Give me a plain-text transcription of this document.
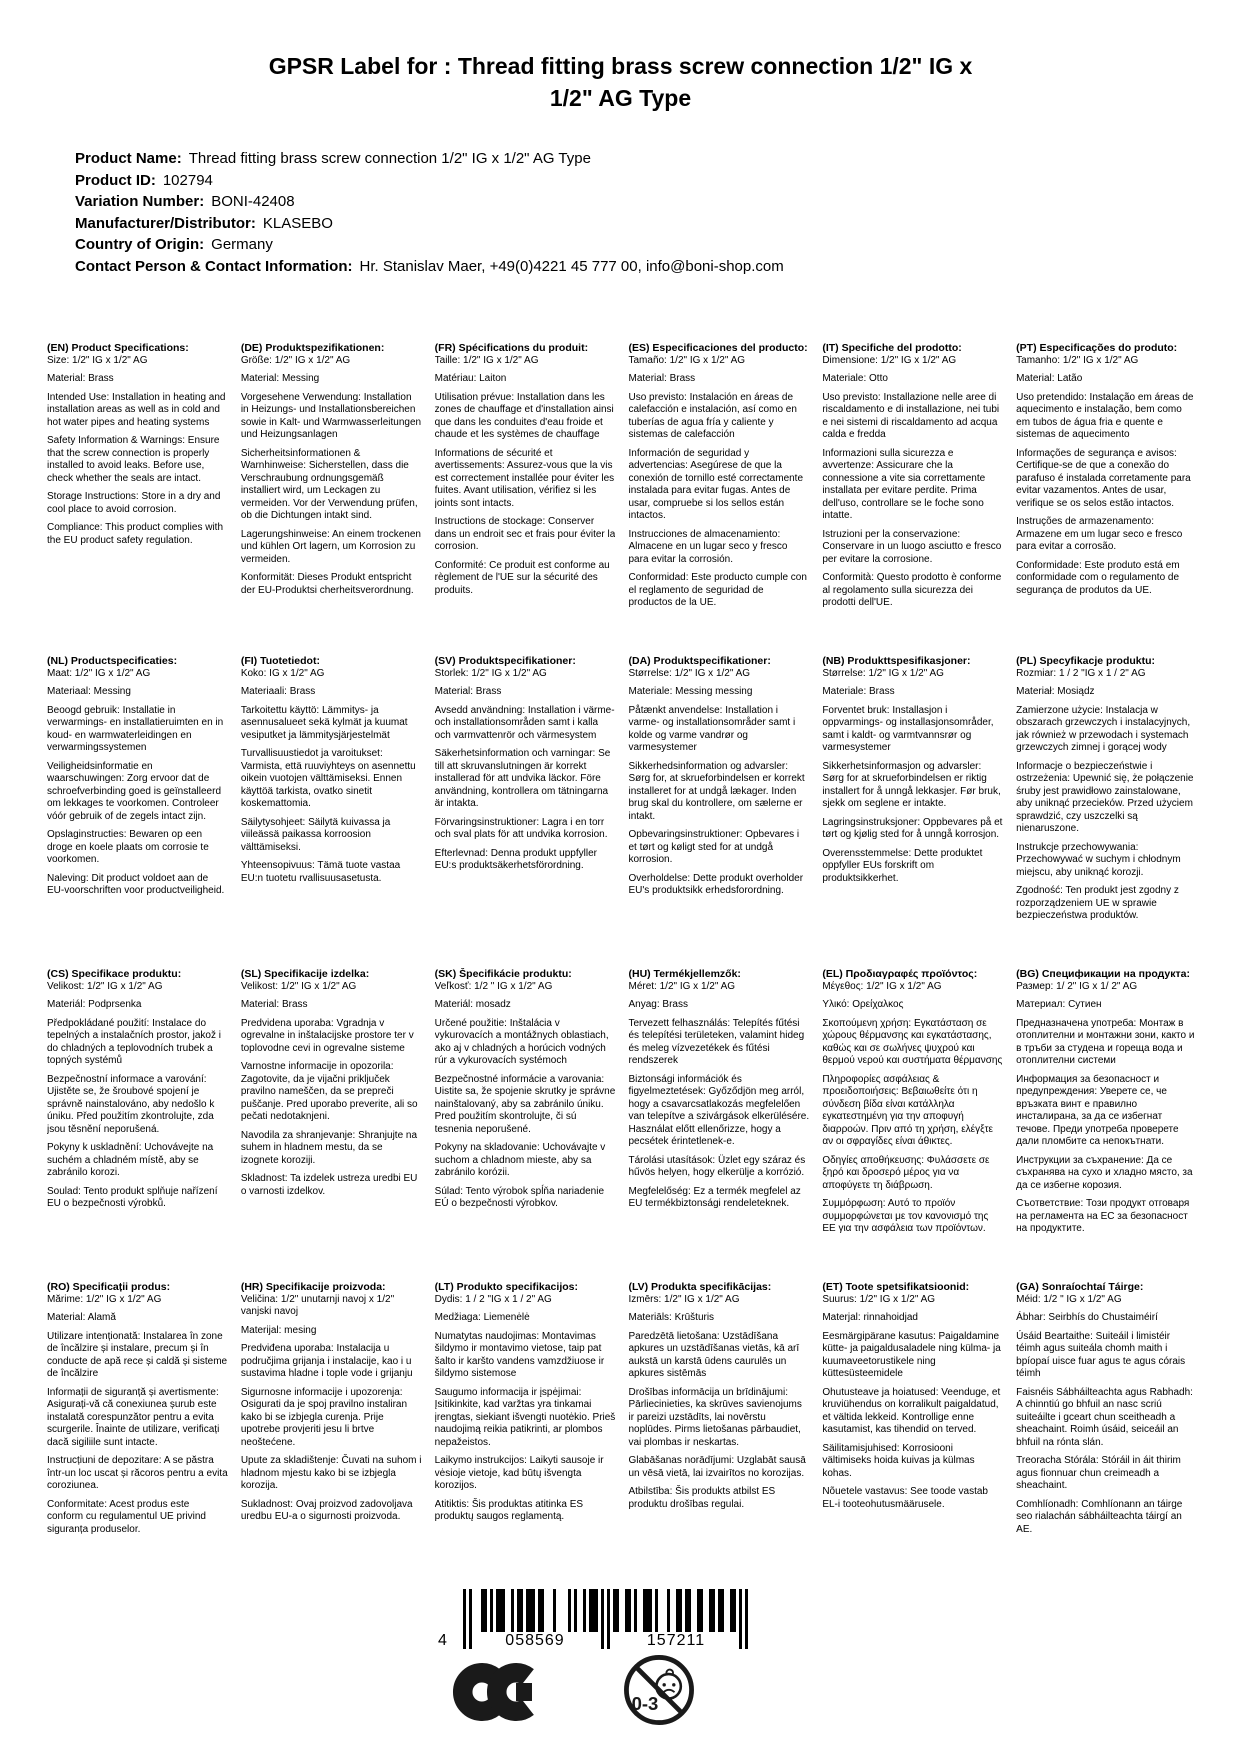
GPSR Label for : Thread fitting brass screw connection 1/2" IG x
1/2" AG Type
Product Name: Thread fitting brass screw connection 1/2" IG x 1/2" AG Type
Product ID: 102794
Variation Number: BONI-42408
Manufacturer/Distributor: KLASEBO
Country of Origin: Germany
Contact Person & Contact Information: Hr. Stanislav Maer, +49(0)4221 45 777 00, info@boni-shop.com
(EN) Product Specifications:
Size: 1/2" IG x 1/2" AG
Material: Brass
Intended Use: Installation in heating and installation areas as well as in cold and hot water pipes and heating systems
Safety Information & Warnings: Ensure that the screw connection is properly installed to avoid leaks. Before use, check whether the seals are intact.
Storage Instructions: Store in a dry and cool place to avoid corrosion.
Compliance: This product complies with the EU product safety regulation.
(DE) Produktspezifikationen:
Größe: 1/2" IG x 1/2" AG
Material: Messing
Vorgesehene Verwendung: Installation in Heizungs- und Installationsbereichen sowie in Kalt- und Warmwasserleitungen und Heizungsanlagen
Sicherheitsinformationen & Warnhinweise: Sicherstellen, dass die Verschraubung ordnungsgemäß installiert wird, um Leckagen zu vermeiden. Vor der Verwendung prüfen, ob die Dichtungen intakt sind.
Lagerungshinweise: An einem trockenen und kühlen Ort lagern, um Korrosion zu vermeiden.
Konformität: Dieses Produkt entspricht der EU-Produktsi cherheitsverordnung.
(FR) Spécifications du produit:
Taille: 1/2" IG x 1/2" AG
Matériau: Laiton
Utilisation prévue: Installation dans les zones de chauffage et d'installation ainsi que dans les conduites d'eau froide et chaude et les systèmes de chauffage
Informations de sécurité et avertissements: Assurez-vous que la vis est correctement installée pour éviter les fuites. Avant utilisation, vérifiez si les joints sont intacts.
Instructions de stockage: Conserver dans un endroit sec et frais pour éviter la corrosion.
Conformité: Ce produit est conforme au règlement de l'UE sur la sécurité des produits.
(ES) Especificaciones del producto:
Tamaño: 1/2" IG x 1/2" AG
Material: Brass
Uso previsto: Instalación en áreas de calefacción e instalación, así como en tuberías de agua fría y caliente y sistemas de calefacción
Información de seguridad y advertencias: Asegúrese de que la conexión de tornillo esté correctamente instalada para evitar fugas. Antes de usar, compruebe si los sellos están intactos.
Instrucciones de almacenamiento: Almacene en un lugar seco y fresco para evitar la corrosión.
Conformidad: Este producto cumple con el reglamento de seguridad de productos de la UE.
(IT) Specifiche del prodotto:
Dimensione: 1/2" IG x 1/2" AG
Materiale: Otto
Uso previsto: Installazione nelle aree di riscaldamento e di installazione, nei tubi e nei sistemi di riscaldamento ad acqua calda e fredda
Informazioni sulla sicurezza e avvertenze: Assicurare che la connessione a vite sia correttamente installata per evitare perdite. Prima dell'uso, controllare se le foche sono intatte.
Istruzioni per la conservazione: Conservare in un luogo asciutto e fresco per evitare la corrosione.
Conformità: Questo prodotto è conforme al regolamento sulla sicurezza dei prodotti dell'UE.
(PT) Especificações do produto:
Tamanho: 1/2" IG x 1/2" AG
Material: Latão
Uso pretendido: Instalação em áreas de aquecimento e instalação, bem como em tubos de água fria e quente e sistemas de aquecimento
Informações de segurança e avisos: Certifique-se de que a conexão do parafuso é instalada corretamente para evitar vazamentos. Antes de usar, verifique se os selos estão intactos.
Instruções de armazenamento: Armazene em um lugar seco e fresco para evitar a corrosão.
Conformidade: Este produto está em conformidade com o regulamento de segurança de produtos da UE.
(NL) Productspecificaties:
Maat: 1/2" IG x 1/2" AG
Materiaal: Messing
Beoogd gebruik: Installatie in verwarmings- en installatieruimten en in koud- en warmwaterleidingen en verwarmingssystemen
Veiligheidsinformatie en waarschuwingen: Zorg ervoor dat de schroefverbinding goed is geïnstalleerd om lekkages te voorkomen. Controleer vóór gebruik of de zegels intact zijn.
Opslaginstructies: Bewaren op een droge en koele plaats om corrosie te voorkomen.
Naleving: Dit product voldoet aan de EU-voorschriften voor productveiligheid.
(FI) Tuotetiedot:
Koko: IG x 1/2" AG
Materiaali: Brass
Tarkoitettu käyttö: Lämmitys- ja asennusalueet sekä kylmät ja kuumat vesiputket ja lämmitysjärjestelmät
Turvallisuustiedot ja varoitukset: Varmista, että ruuviyhteys on asennettu oikein vuotojen välttämiseksi. Ennen käyttöä tarkista, ovatko sinetit koskemattomia.
Säilytysohjeet: Säilytä kuivassa ja viileässä paikassa korroosion välttämiseksi.
Yhteensopivuus: Tämä tuote vastaa EU:n tuotetu rvallisuusasetusta.
(SV) Produktspecifikationer:
Storlek: 1/2" IG x 1/2" AG
Material: Brass
Avsedd användning: Installation i värme- och installationsområden samt i kalla och varmvattenrör och värmesystem
Säkerhetsinformation och varningar: Se till att skruvanslutningen är korrekt installerad för att undvika läckor. Före användning, kontrollera om tätningarna är intakta.
Förvaringsinstruktioner: Lagra i en torr och sval plats för att undvika korrosion.
Efterlevnad: Denna produkt uppfyller EU:s produktsäkerhetsförordning.
(DA) Produktspecifikationer:
Størrelse: 1/2" IG x 1/2" AG
Materiale: Messing messing
Påtænkt anvendelse: Installation i varme- og installationsområder samt i kolde og varme vandrør og varmesystemer
Sikkerhedsinformation og advarsler: Sørg for, at skrueforbindelsen er korrekt installeret for at undgå lækager. Inden brug skal du kontrollere, om sælerne er intakt.
Opbevaringsinstruktioner: Opbevares i et tørt og køligt sted for at undgå korrosion.
Overholdelse: Dette produkt overholder EU's produktsikk erhedsforordning.
(NB) Produkttspesifikasjoner:
Størrelse: 1/2" IG x 1/2" AG
Materiale: Brass
Forventet bruk: Installasjon i oppvarmings- og installasjonsområder, samt i kaldt- og varmtvannsrør og varmesystemer
Sikkerhetsinformasjon og advarsler: Sørg for at skrueforbindelsen er riktig installert for å unngå lekkasjer. Før bruk, sjekk om seglene er intakte.
Lagringsinstruksjoner: Oppbevares på et tørt og kjølig sted for å unngå korrosjon.
Overensstemmelse: Dette produktet oppfyller EUs forskrift om produktsikkerhet.
(PL) Specyfikacje produktu:
Rozmiar: 1 / 2 "IG x 1 / 2" AG
Materiał: Mosiądz
Zamierzone użycie: Instalacja w obszarach grzewczych i instalacyjnych, jak również w przewodach i systemach grzewczych zimnej i gorącej wody
Informacje o bezpieczeństwie i ostrzeżenia: Upewnić się, że połączenie śruby jest prawidłowo zainstalowane, aby uniknąć przecieków. Przed użyciem sprawdzić, czy uszczelki są nienaruszone.
Instrukcje przechowywania: Przechowywać w suchym i chłodnym miejscu, aby uniknąć korozji.
Zgodność: Ten produkt jest zgodny z rozporządzeniem UE w sprawie bezpieczeństwa produktów.
(CS) Specifikace produktu:
Velikost: 1/2" IG x 1/2" AG
Materiál: Podprsenka
Předpokládané použití: Instalace do tepelných a instalačních prostor, jakož i do chladných a teplovodních trubek a topných systémů
Bezpečnostní informace a varování: Ujistěte se, že šroubové spojení je správně nainstalováno, aby nedošlo k úniku. Před použitím zkontrolujte, zda jsou těsnění neporušená.
Pokyny k uskladnění: Uchovávejte na suchém a chladném místě, aby se zabránilo korozi.
Soulad: Tento produkt splňuje nařízení EU o bezpečnosti výrobků.
(SL) Specifikacije izdelka:
Velikost: 1/2" IG x 1/2" AG
Material: Brass
Predvidena uporaba: Vgradnja v ogrevalne in inštalacijske prostore ter v toplovodne cevi in ogrevalne sisteme
Varnostne informacije in opozorila: Zagotovite, da je vijačni priključek pravilno nameščen, da se prepreči puščanje. Pred uporabo preverite, ali so pečati nedotaknjeni.
Navodila za shranjevanje: Shranjujte na suhem in hladnem mestu, da se izognete koroziji.
Skladnost: Ta izdelek ustreza uredbi EU o varnosti izdelkov.
(SK) Špecifikácie produktu:
Veľkosť: 1/2 " IG x 1/2" AG
Materiál: mosadz
Určené použitie: Inštalácia v vykurovacích a montážnych oblastiach, ako aj v chladných a horúcich vodných rúr a vykurovacích systémoch
Bezpečnostné informácie a varovania: Uistite sa, že spojenie skrutky je správne nainštalovaný, aby sa zabránilo úniku. Pred použitím skontrolujte, či sú tesnenia neporušené.
Pokyny na skladovanie: Uchovávajte v suchom a chladnom mieste, aby sa zabránilo korózii.
Súlad: Tento výrobok spĺňa nariadenie EÚ o bezpečnosti výrobkov.
(HU) Termékjellemzők:
Méret: 1/2" IG x 1/2" AG
Anyag: Brass
Tervezett felhasználás: Telepítés fűtési és telepítési területeken, valamint hideg és meleg vízvezetékek és fűtési rendszerek
Biztonsági információk és figyelmeztetések: Győződjön meg arról, hogy a csavarcsatlakozás megfelelően van telepítve a szivárgások elkerülésére. Használat előtt ellenőrizze, hogy a pecsétek érintetlenek-e.
Tárolási utasítások: Üzlet egy száraz és hűvös helyen, hogy elkerülje a korrózió.
Megfelelőség: Ez a termék megfelel az EU termékbiztonsági rendeleteknek.
(EL) Προδιαγραφές προϊόντος:
Μέγεθος: 1/2" IG x 1/2" AG
Υλικό: Ορείχαλκος
Σκοπούμενη χρήση: Εγκατάσταση σε χώρους θέρμανσης και εγκατάστασης, καθώς και σε σωλήνες ψυχρού και θερμού νερού και συστήματα θέρμανσης
Πληροφορίες ασφάλειας & προειδοποιήσεις: Βεβαιωθείτε ότι η σύνδεση βίδα είναι κατάλληλα εγκατεστημένη για την αποφυγή διαρροών. Πριν από τη χρήση, ελέγξτε αν οι σφραγίδες είναι άθικτες.
Οδηγίες αποθήκευσης: Φυλάσσετε σε ξηρό και δροσερό μέρος για να αποφύγετε τη διάβρωση.
Συμμόρφωση: Αυτό το προϊόν συμμορφώνεται με τον κανονισμό της ΕΕ για την ασφάλεια των προϊόντων.
(BG) Спецификации на продукта:
Размер: 1/ 2" IG x 1/ 2" AG
Материал: Сутиен
Предназначена употреба: Монтаж в отоплителни и монтажни зони, както и в тръби за студена и гореща вода и отоплителни системи
Информация за безопасност и предупреждения: Уверете се, че връзката винт е правилно инсталирана, за да се избегнат течове. Преди употреба проверете дали пломбите са непокътнати.
Инструкции за съхранение: Да се съхранява на сухо и хладно място, за да се избегне корозия.
Съответствие: Този продукт отговаря на регламента на ЕС за безопасност на продуктите.
(RO) Specificații produs:
Mărime: 1/2" IG x 1/2" AG
Material: Alamă
Utilizare intenționată: Instalarea în zone de încălzire și instalare, precum și în conducte de apă rece și caldă și sisteme de încălzire
Informații de siguranță și avertismente: Asigurați-vă că conexiunea șurub este instalată corespunzător pentru a evita scurgerile. Înainte de utilizare, verificați dacă sigiliile sunt intacte.
Instrucțiuni de depozitare: A se păstra într-un loc uscat și răcoros pentru a evita coroziunea.
Conformitate: Acest produs este conform cu regulamentul UE privind siguranța produselor.
(HR) Specifikacije proizvoda:
Veličina: 1/2" unutarnji navoj x 1/2" vanjski navoj
Materijal: mesing
Predviđena uporaba: Instalacija u područjima grijanja i instalacije, kao i u sustavima hladne i tople vode i grijanju
Sigurnosne informacije i upozorenja: Osigurati da je spoj pravilno instaliran kako bi se izbjegla curenja. Prije upotrebe provjeriti jesu li brtve neoštećene.
Upute za skladištenje: Čuvati na suhom i hladnom mjestu kako bi se izbjegla korozija.
Sukladnost: Ovaj proizvod zadovoljava uredbu EU-a o sigurnosti proizvoda.
(LT) Produkto specifikacijos:
Dydis: 1 / 2 "IG x 1 / 2" AG
Medžiaga: Liemenėlė
Numatytas naudojimas: Montavimas šildymo ir montavimo vietose, taip pat šalto ir karšto vandens vamzdžiuose ir šildymo sistemose
Saugumo informacija ir įspėjimai: Įsitikinkite, kad varžtas yra tinkamai įrengtas, siekiant išvengti nuotėkio. Prieš naudojimą reikia patikrinti, ar plombos nepažeistos.
Laikymo instrukcijos: Laikyti sausoje ir vėsioje vietoje, kad būtų išvengta korozijos.
Atitiktis: Šis produktas atitinka ES produktų saugos reglamentą.
(LV) Produkta specifikācijas:
Izmērs: 1/2" IG x 1/2" AG
Materiāls: Krūšturis
Paredzētā lietošana: Uzstādīšana apkures un uzstādīšanas vietās, kā arī aukstā un karstā ūdens caurulēs un apkures sistēmās
Drošības informācija un brīdinājumi: Pārliecinieties, ka skrūves savienojums ir pareizi uzstādīts, lai novērstu noplūdes. Pirms lietošanas pārbaudiet, vai plombas ir neskartas.
Glabāšanas norādījumi: Uzglabāt sausā un vēsā vietā, lai izvairītos no korozijas.
Atbilstība: Šis produkts atbilst ES produktu drošības regulai.
(ET) Toote spetsifikatsioonid:
Suurus: 1/2" IG x 1/2" AG
Materjal: rinnahoidjad
Eesmärgipärane kasutus: Paigaldamine kütte- ja paigaldusaladele ning külma- ja kuumaveetorustikele ning küttesüsteemidele
Ohutusteave ja hoiatused: Veenduge, et kruviühendus on korralikult paigaldatud, et vältida lekkeid. Kontrollige enne kasutamist, kas tihendid on terved.
Säilitamisjuhised: Korrosiooni vältimiseks hoida kuivas ja külmas kohas.
Nõuetele vastavus: See toode vastab EL-i tooteohutusmäärusele.
(GA) Sonraíochtaí Táirge:
Méid: 1/2 " IG x 1/2" AG
Ábhar: Seirbhís do Chustaiméirí
Úsáid Beartaithe: Suiteáil i limistéir téimh agus suiteála chomh maith i bpíopaí uisce fuar agus te agus córais téimh
Faisnéis Sábháilteachta agus Rabhadh: A chinntiú go bhfuil an nasc scriú suiteáilte i gceart chun sceitheadh a sheachaint. Roimh úsáid, seiceáil an bhfuil na rónta slán.
Treoracha Stórála: Stóráil in áit thirim agus fionnuar chun creimeadh a sheachaint.
Comhlíonadh: Comhlíonann an táirge seo rialachán sábháilteachta táirgí an AE.
4	058569	157211
0-3
